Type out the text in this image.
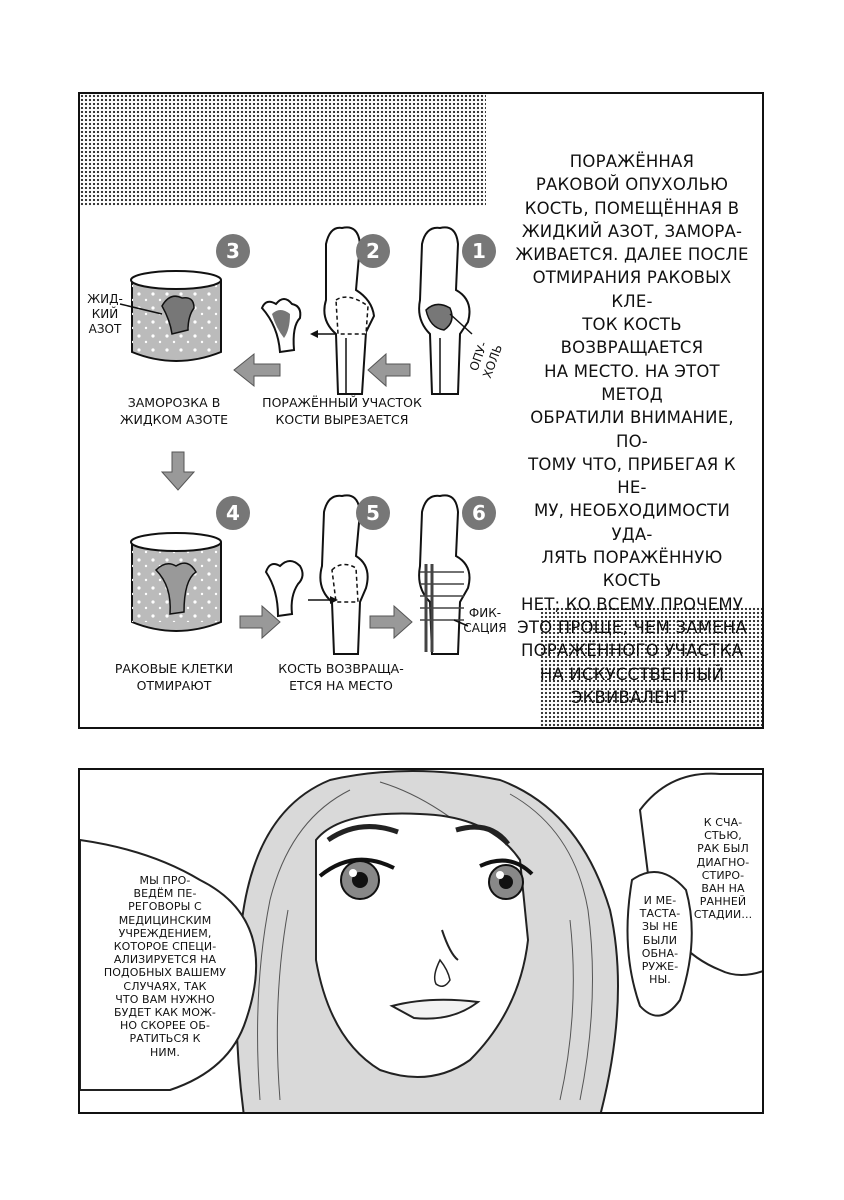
ПОРАЖЁННАЯ
РАКОВОЙ ОПУХОЛЬЮ
КОСТЬ, ПОМЕЩЁННАЯ В
ЖИДКИЙ АЗОТ, ЗАМОРА-
ЖИВАЕТСЯ. ДАЛЕЕ ПОСЛЕ
ОТМИРАНИЯ РАКОВЫХ КЛЕ-
ТОК КОСТЬ ВОЗВРАЩАЕТСЯ
НА МЕСТО. НА ЭТОТ МЕТОД
ОБРАТИЛИ ВНИМАНИЕ, ПО-
ТОМУ ЧТО, ПРИБЕГАЯ К НЕ-
МУ, НЕОБХОДИМОСТИ УДА-
ЛЯТЬ ПОРАЖЁННУЮ КОСТЬ
НЕТ; КО ВСЕМУ ПРОЧЕМУ
ЭТО ПРОЩЕ, ЧЕМ ЗАМЕНА
ПОРАЖЁННОГО УЧАСТКА
НА ИСКУССТВЕННЫЙ
ЭКВИВАЛЕНТ.
3	2	1
4	5	6
ЖИД-
КИЙ
АЗОТ
ОПУ-
ХОЛЬ
ФИК-
САЦИЯ
ЗАМОРОЗКА В
ЖИДКОМ АЗОТЕ
ПОРАЖЁННЫЙ УЧАСТОК
КОСТИ ВЫРЕЗАЕТСЯ
РАКОВЫЕ КЛЕТКИ
ОТМИРАЮТ
КОСТЬ ВОЗВРАЩА-
ЕТСЯ НА МЕСТО
МЫ ПРО-
ВЕДЁМ ПЕ-
РЕГОВОРЫ С
МЕДИЦИНСКИМ
УЧРЕЖДЕНИЕМ,
КОТОРОЕ СПЕЦИ-
АЛИЗИРУЕТСЯ НА
ПОДОБНЫХ ВАШЕМУ
СЛУЧАЯХ, ТАК
ЧТО ВАМ НУЖНО
БУДЕТ КАК МОЖ-
НО СКОРЕЕ ОБ-
РАТИТЬСЯ К
НИМ.
К СЧА-
СТЬЮ,
РАК БЫЛ
ДИАГНО-
СТИРО-
ВАН НА
РАННЕЙ
СТАДИИ...
И МЕ-
ТАСТА-
ЗЫ НЕ
БЫЛИ
ОБНА-
РУЖЕ-
НЫ.
